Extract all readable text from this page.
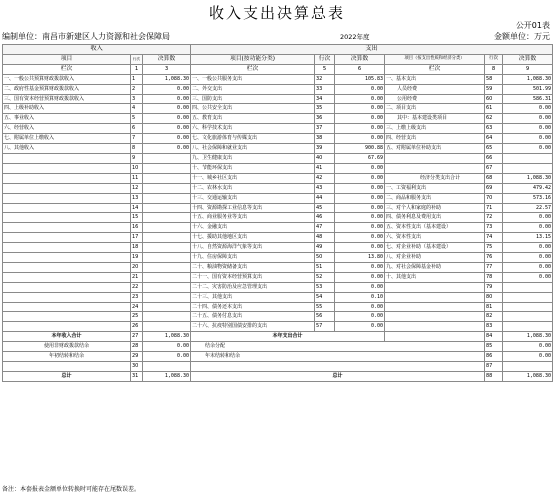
收入支出决算总表
公开01表
编制单位：南昌市新建区人力资源和社会保障局	2022年度	金额单位：万元
收入			支出					
项目	行次	决算数	项目(按功能分类)	行次	决算数	项目（按支出性质和经济分类）	行次	决算数
栏次	1	3	栏次	5	6	栏次	8	9
一、一般公共预算财政拨款收入	1	1,088.30	一、一般公共服务支出	32	105.83	一、基本支出	58	1,088.30
二、政府性基金预算财政拨款收入	2	0.00	二、外交支出	33	0.00	人员经费	59	501.99
三、国有资本经营预算财政拨款收入	3	0.00	三、国防支出	34	0.00	公用经费	60	586.31
四、上级补助收入	4	0.00	四、公共安全支出	35	0.00	二、项目支出	61	0.00
五、事业收入	5	0.00	五、教育支出	36	0.00	其中：基本建设类项目	62	0.00
六、经营收入	6	0.00	六、科学技术支出	37	0.00	三、上缴上级支出	63	0.00
七、附属单位上缴收入	7	0.00	七、文化旅游体育与传媒支出	38	0.00	四、经营支出	64	0.00
八、其他收入	8	0.00	八、社会保障和就业支出	39	900.88	五、对附属单位补助支出	65	0.00
	9		九、卫生健康支出	40	67.69		66	
	10		十、节能环保支出	41	0.00		67	
	11		十一、城乡社区支出	42	0.00	经济分类支出合计	68	1,088.30
	12		十二、农林水支出	43	0.00	一、工资福利支出	69	479.42
	13		十三、交通运输支出	44	0.00	二、商品和服务支出	70	573.16
	14		十四、资源勘探工业信息等支出	45	0.00	三、对个人和家庭的补助	71	22.57
	15		十五、商业服务业等支出	46	0.00	四、债务利息及费用支出	72	0.00
	16		十六、金融支出	47	0.00	五、资本性支出（基本建设）	73	0.00
	17		十七、援助其他地区支出	48	0.00	六、资本性支出	74	13.15
	18		十八、自然资源海洋气象等支出	49	0.00	七、对企业补助（基本建设）	75	0.00
	19		十九、住房保障支出	50	13.80	八、对企业补助	76	0.00
	20		二十、粮油物资储备支出	51	0.00	九、对社会保障基金补助	77	0.00
	21		二十一、国有资本经营预算支出	52	0.00	十、其他支出	78	0.00
	22		二十二、灾害防治及应急管理支出	53	0.00		79	
	23		二十三、其他支出	54	0.10		80	
	24		二十四、债务还本支出	55	0.00		81	
	25		二十五、债务付息支出	56	0.00		82	
	26		二十六、抗疫特别国债安排的支出	57	0.00		83	
本年收入合计	27	1,088.30	本年支出合计				84	1,088.30
使用非财政拨款结余	28	0.00	结余分配				85	0.00
年初结转和结余	29	0.00	年末结转和结余				86	0.00
	30						87	
总计	31	1,088.30	总计				88	1,088.30
备注：本套报表金额单位转换时可能存在尾数误差。
